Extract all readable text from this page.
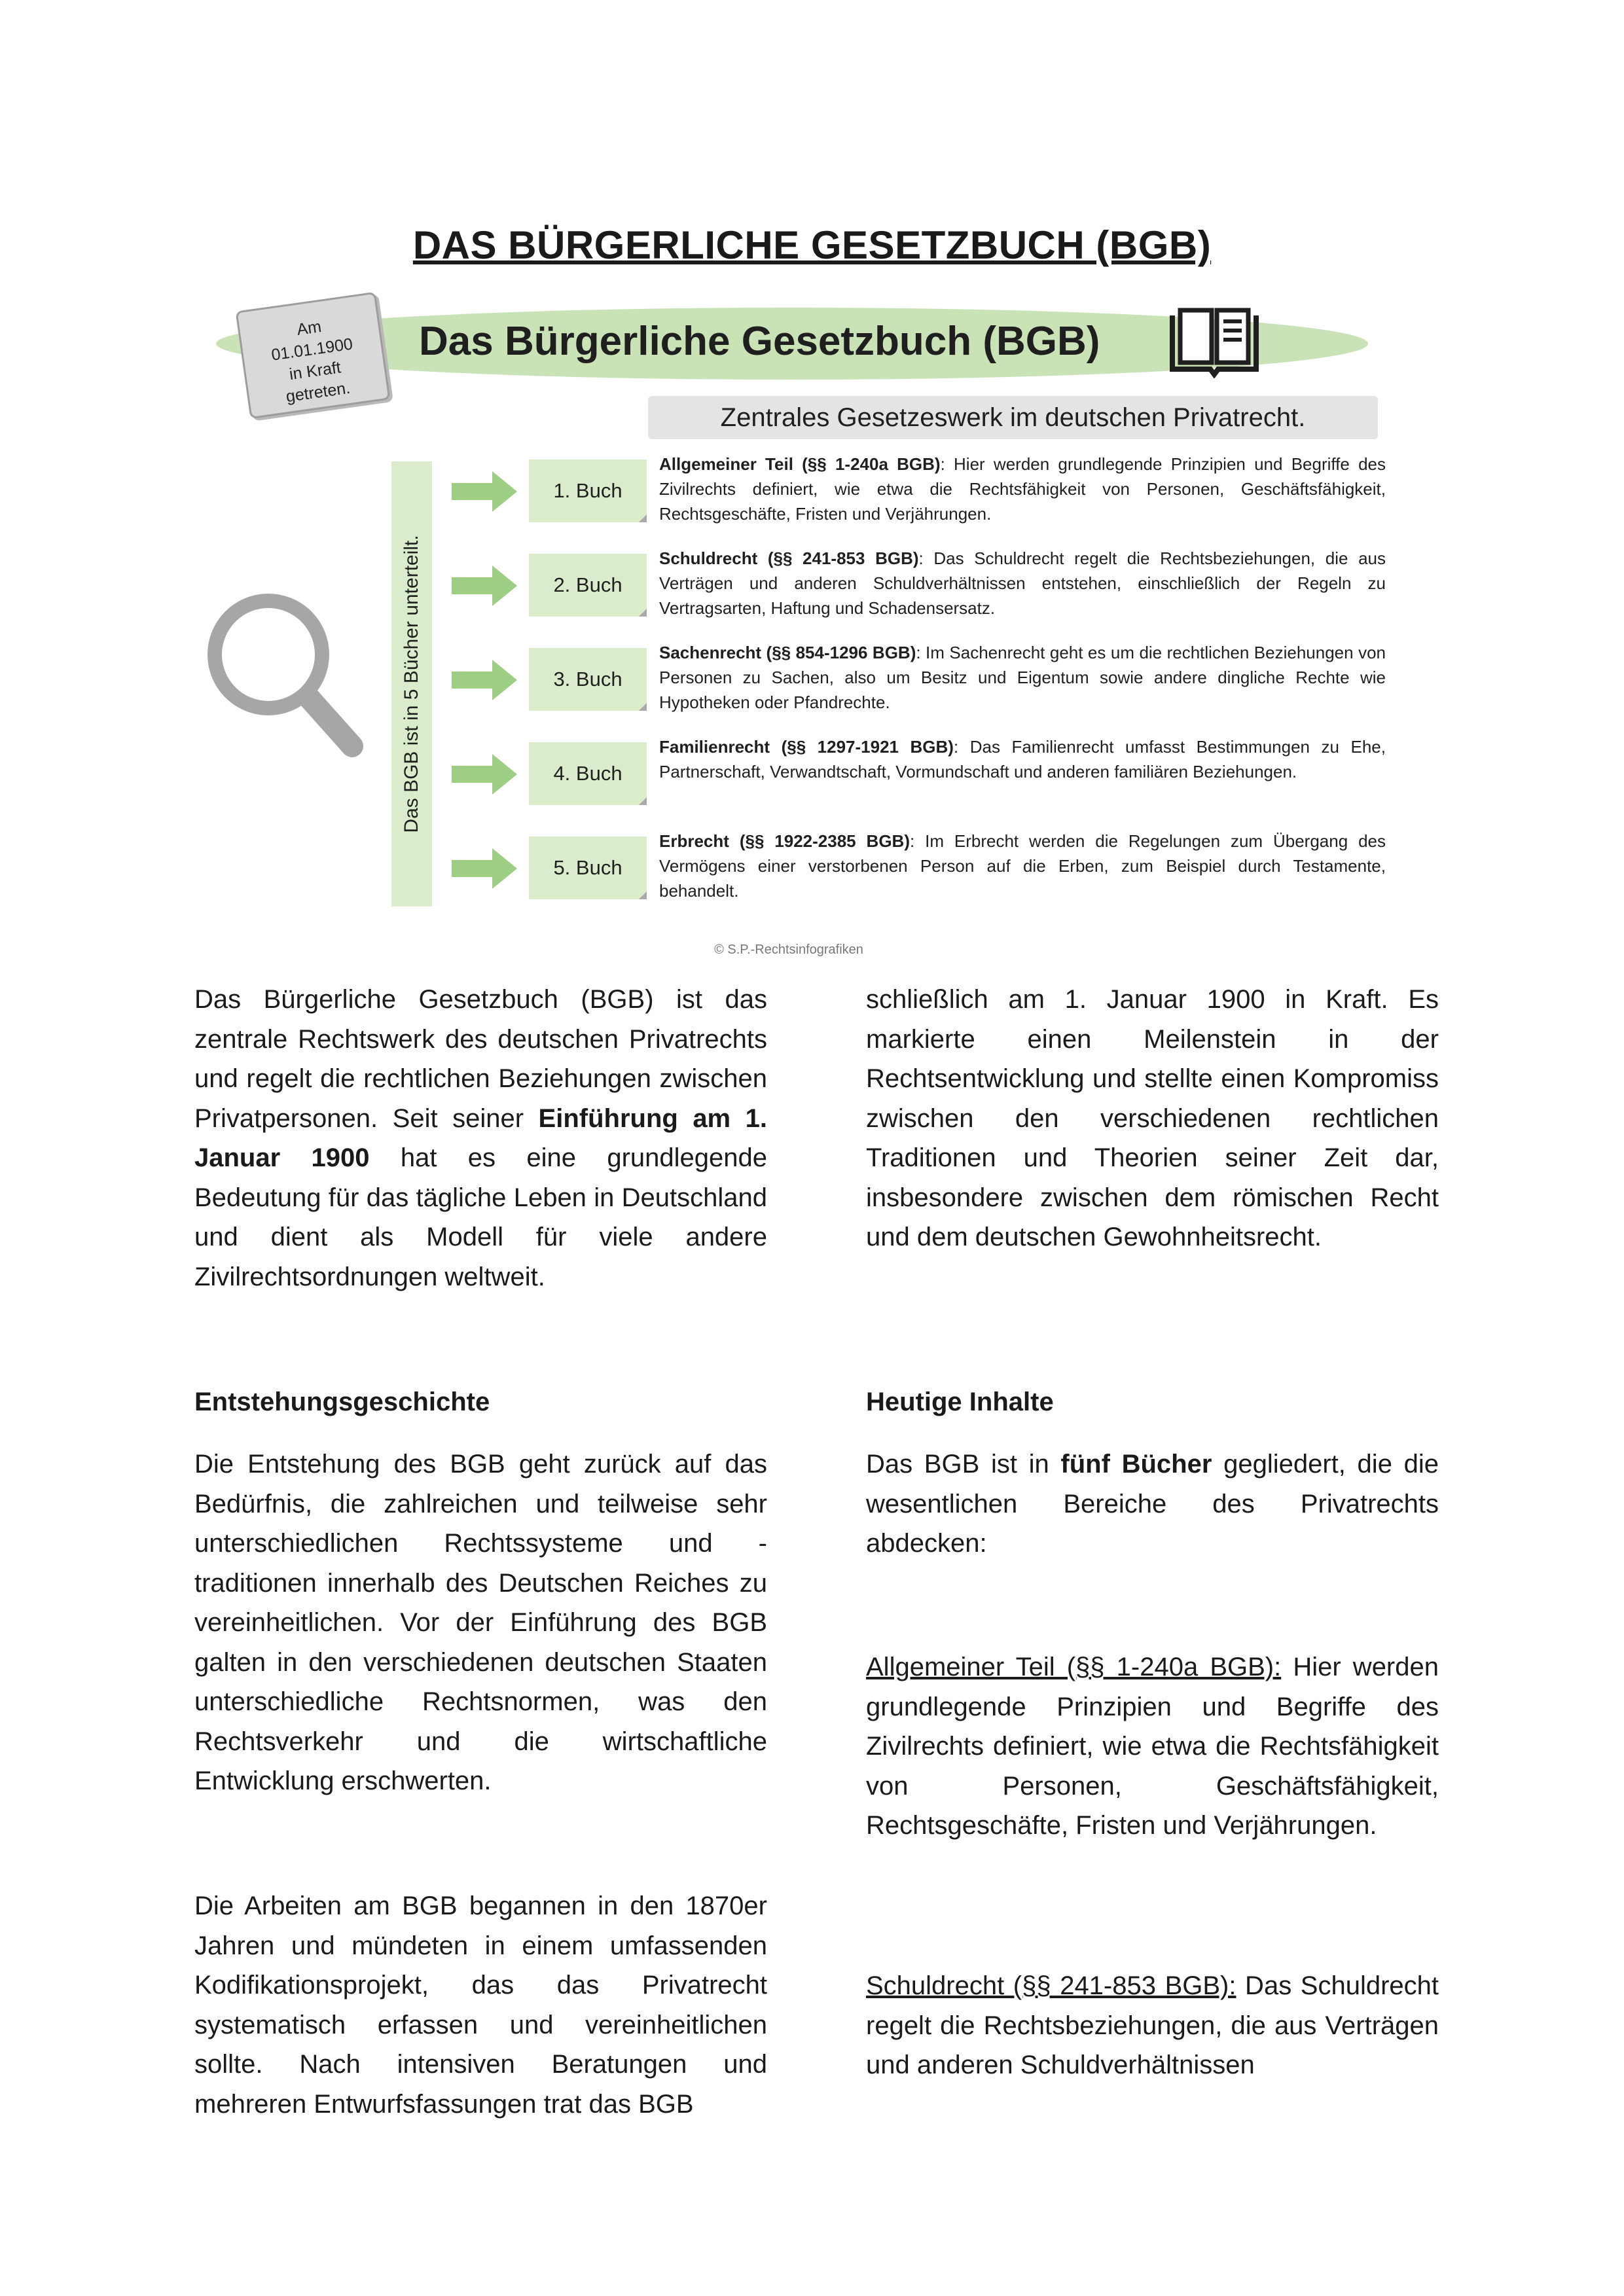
DAS BÜRGERLICHE GESETZBUCH (BGB)
Das Bürgerliche Gesetzbuch (BGB)
Am
01.01.1900
in Kraft
getreten.
Zentrales Gesetzeswerk im deutschen Privatrecht.
Das BGB ist in 5 Bücher unterteilt.
1. Buch
Allgemeiner Teil (§§ 1-240a BGB): Hier werden grundlegende Prinzipien und Begriffe des Zivilrechts definiert, wie etwa die Rechtsfähigkeit von Personen, Geschäftsfähigkeit, Rechtsgeschäfte, Fristen und Verjährungen.
2. Buch
Schuldrecht (§§ 241-853 BGB): Das Schuldrecht regelt die Rechtsbeziehungen, die aus Verträgen und anderen Schuldverhältnissen entstehen, einschließlich der Regeln zu Vertragsarten, Haftung und Schadensersatz.
3. Buch
Sachenrecht (§§ 854-1296 BGB): Im Sachenrecht geht es um die rechtlichen Beziehungen von Personen zu Sachen, also um Besitz und Eigentum sowie andere dingliche Rechte wie Hypotheken oder Pfandrechte.
4. Buch
Familienrecht (§§ 1297-1921 BGB): Das Familienrecht umfasst Bestimmungen zu Ehe, Partnerschaft, Verwandtschaft, Vormundschaft und anderen familiären Beziehungen.
5. Buch
Erbrecht (§§ 1922-2385 BGB): Im Erbrecht werden die Regelungen zum Übergang des Vermögens einer verstorbenen Person auf die Erben, zum Beispiel durch Testamente, behandelt.
© S.P.-Rechtsinfografiken

Das Bürgerliche Gesetzbuch (BGB) ist das zentrale Rechtswerk des deutschen Privatrechts und regelt die rechtlichen Beziehungen zwischen Privatpersonen. Seit seiner Einführung am 1. Januar 1900 hat es eine grundlegende Bedeutung für das tägliche Leben in Deutschland und dient als Modell für viele andere Zivilrechtsordnungen weltweit.

Entstehungsgeschichte

Die Entstehung des BGB geht zurück auf das Bedürfnis, die zahlreichen und teilweise sehr unterschiedlichen Rechtssysteme und -traditionen innerhalb des Deutschen Reiches zu vereinheitlichen. Vor der Einführung des BGB galten in den verschiedenen deutschen Staaten unterschiedliche Rechtsnormen, was den Rechtsverkehr und die wirtschaftliche Entwicklung erschwerten.

Die Arbeiten am BGB begannen in den 1870er Jahren und mündeten in einem umfassenden Kodifikationsprojekt, das das Privatrecht systematisch erfassen und vereinheitlichen sollte. Nach intensiven Beratungen und mehreren Entwurfsfassungen trat das BGB

schließlich am 1. Januar 1900 in Kraft. Es markierte einen Meilenstein in der Rechtsentwicklung und stellte einen Kompromiss zwischen den verschiedenen rechtlichen Traditionen und Theorien seiner Zeit dar, insbesondere zwischen dem römischen Recht und dem deutschen Gewohnheitsrecht.

Heutige Inhalte

Das BGB ist in fünf Bücher gegliedert, die die wesentlichen Bereiche des Privatrechts abdecken:

Allgemeiner Teil (§§ 1-240a BGB): Hier werden grundlegende Prinzipien und Begriffe des Zivilrechts definiert, wie etwa die Rechtsfähigkeit von Personen, Geschäftsfähigkeit, Rechtsgeschäfte, Fristen und Verjährungen.

Schuldrecht (§§ 241-853 BGB): Das Schuldrecht regelt die Rechtsbeziehungen, die aus Verträgen und anderen Schuldverhältnissen
